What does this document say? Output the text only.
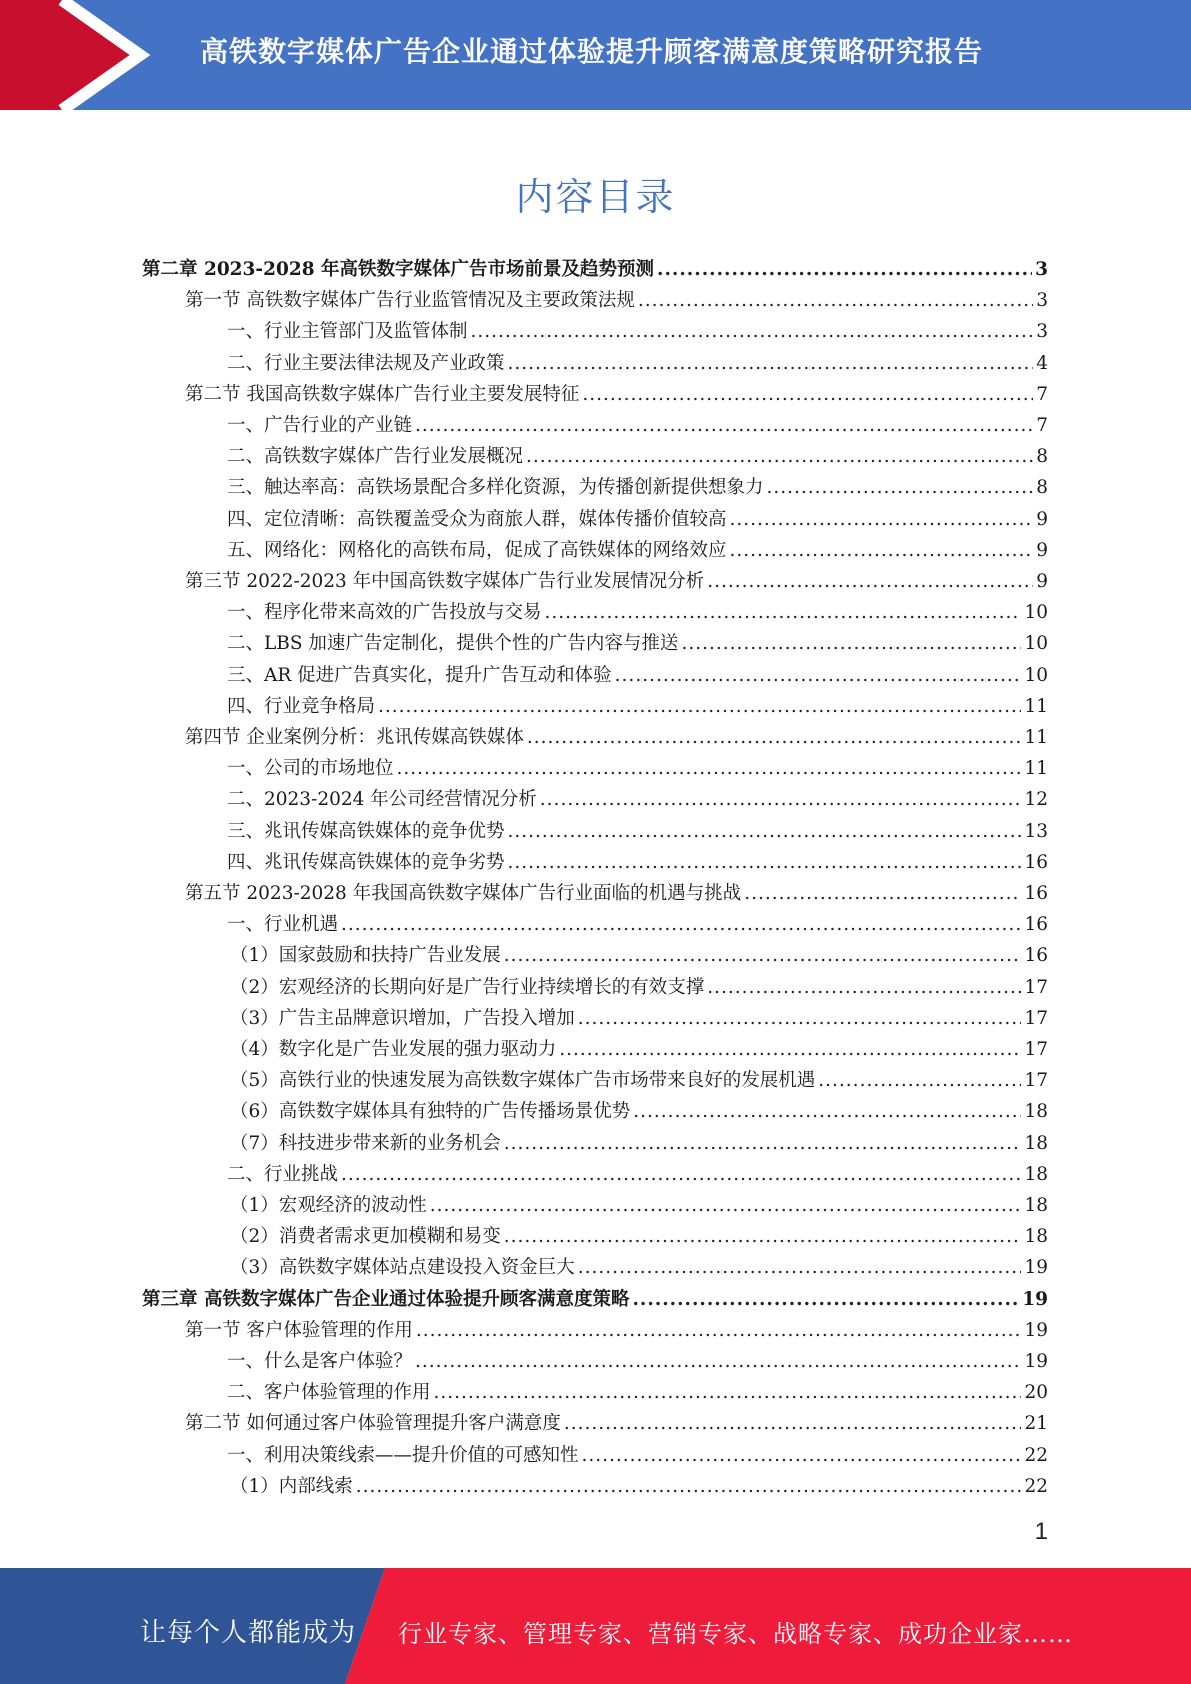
高铁数字媒体广告企业通过体验提升顾客满意度策略研究报告
内容目录
第二章 2023-2028 年高铁数字媒体广告市场前景及趋势预测 .....	3
第一节 高铁数字媒体广告行业监管情况及主要政策法规 .....	3
一、行业主管部门及监管体制 .....	3
二、行业主要法律法规及产业政策 .....	4
第二节 我国高铁数字媒体广告行业主要发展特征 .....	7
一、广告行业的产业链 .....	7
二、高铁数字媒体广告行业发展概况 .....	8
三、触达率高：高铁场景配合多样化资源，为传播创新提供想象力 .....	8
四、定位清晰：高铁覆盖受众为商旅人群，媒体传播价值较高 .....	9
五、网络化：网格化的高铁布局，促成了高铁媒体的网络效应 .....	9
第三节 2022-2023 年中国高铁数字媒体广告行业发展情况分析 .....	9
一、程序化带来高效的广告投放与交易 .....	10
二、LBS 加速广告定制化，提供个性的广告内容与推送 .....	10
三、AR 促进广告真实化，提升广告互动和体验 .....	10
四、行业竞争格局 .....	11
第四节 企业案例分析：兆讯传媒高铁媒体 .....	11
一、公司的市场地位 .....	11
二、2023-2024 年公司经营情况分析 .....	12
三、兆讯传媒高铁媒体的竞争优势 .....	13
四、兆讯传媒高铁媒体的竞争劣势 .....	16
第五节 2023-2028 年我国高铁数字媒体广告行业面临的机遇与挑战 .....	16
一、行业机遇 .....	16
（1）国家鼓励和扶持广告业发展 .....	16
（2）宏观经济的长期向好是广告行业持续增长的有效支撑 .....	17
（3）广告主品牌意识增加，广告投入增加 .....	17
（4）数字化是广告业发展的强力驱动力 .....	17
（5）高铁行业的快速发展为高铁数字媒体广告市场带来良好的发展机遇 .....	17
（6）高铁数字媒体具有独特的广告传播场景优势 .....	18
（7）科技进步带来新的业务机会 .....	18
二、行业挑战 .....	18
（1）宏观经济的波动性 .....	18
（2）消费者需求更加模糊和易变 .....	18
（3）高铁数字媒体站点建设投入资金巨大 .....	19
第三章 高铁数字媒体广告企业通过体验提升顾客满意度策略 .....	19
第一节 客户体验管理的作用 .....	19
一、什么是客户体验？ .....	19
二、客户体验管理的作用 .....	20
第二节 如何通过客户体验管理提升客户满意度 .....	21
一、利用决策线索——提升价值的可感知性 .....	22
（1）内部线索 .....	22
1
让每个人都能成为 行业专家、管理专家、营销专家、战略专家、成功企业家……
